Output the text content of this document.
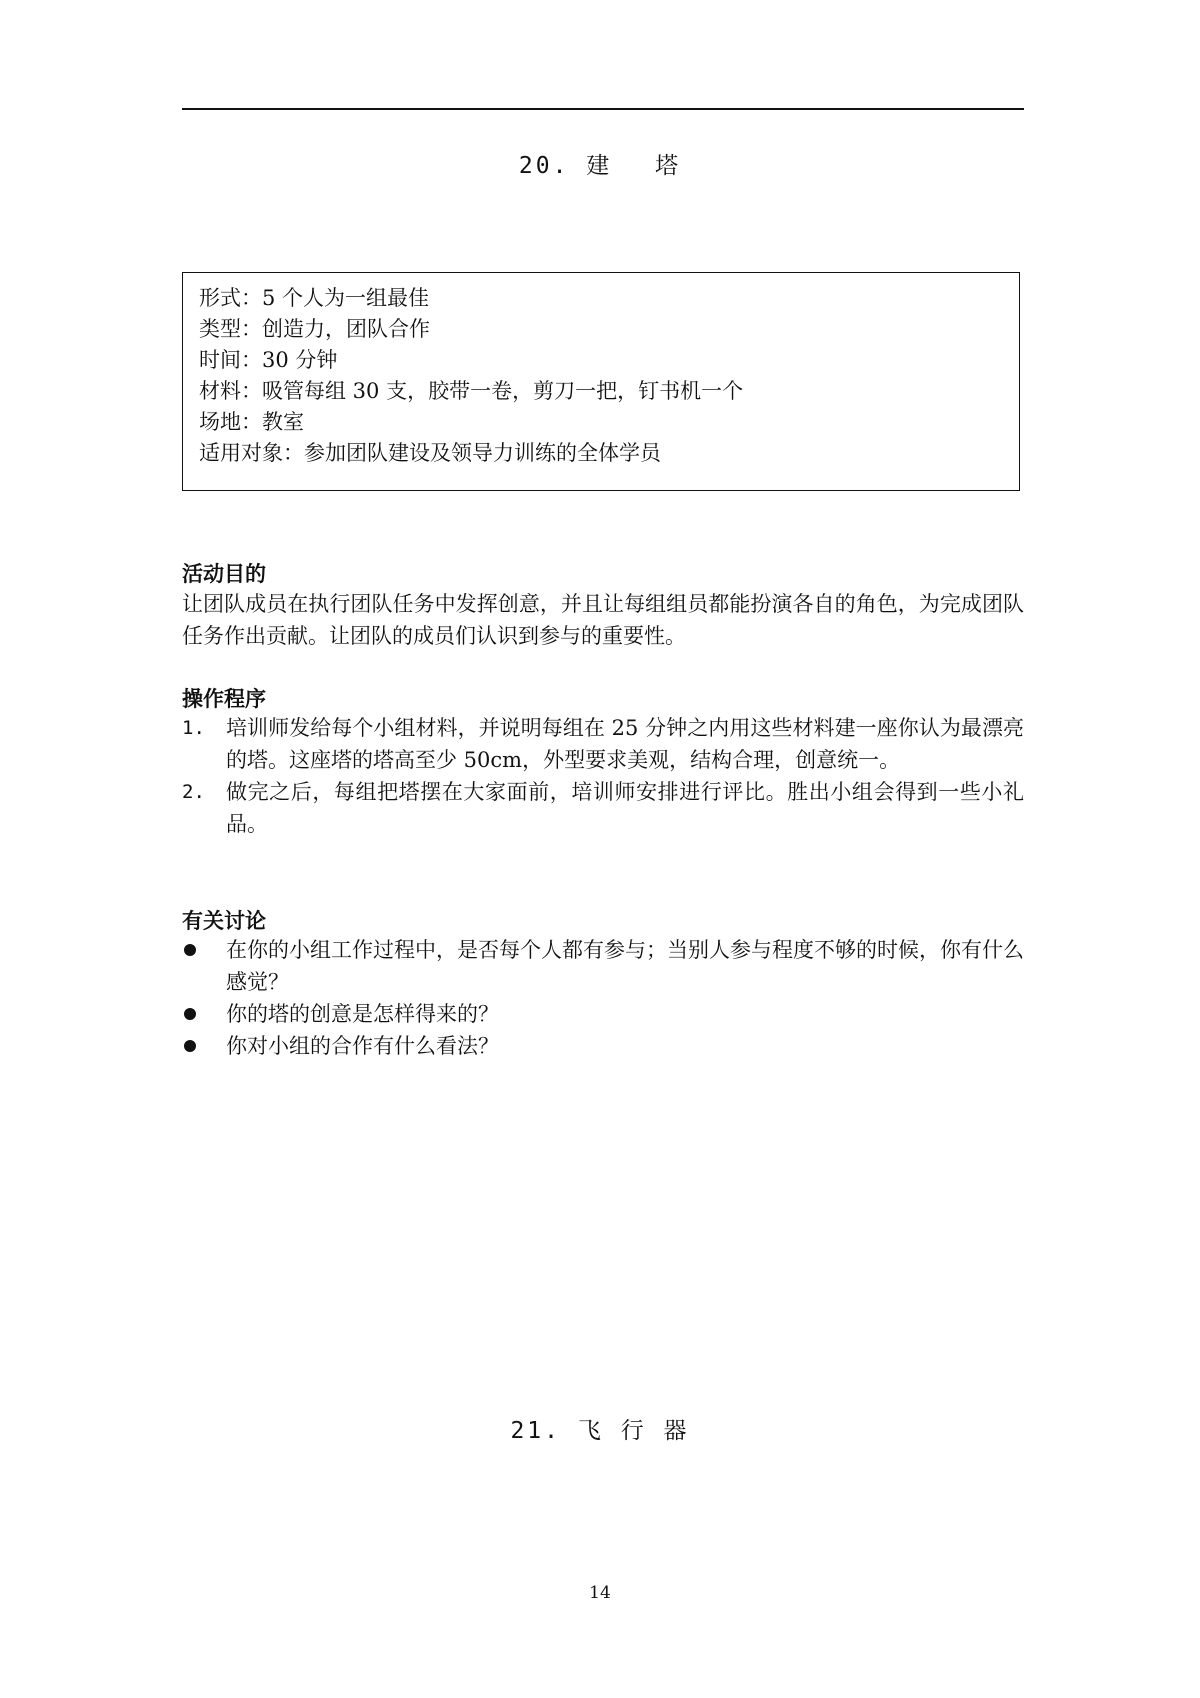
20. 建　 塔
形式：5 个人为一组最佳
类型：创造力，团队合作
时间：30 分钟
材料：吸管每组 30 支，胶带一卷，剪刀一把，钉书机一个
场地：教室
适用对象：参加团队建设及领导力训练的全体学员
活动目的
让团队成员在执行团队任务中发挥创意，并且让每组组员都能扮演各自的角色，为完成团队任务作出贡献。让团队的成员们认识到参与的重要性。
操作程序
1.	培训师发给每个小组材料，并说明每组在 25 分钟之内用这些材料建一座你认为最漂亮的塔。这座塔的塔高至少 50cm，外型要求美观，结构合理，创意统一。
2.	做完之后，每组把塔摆在大家面前，培训师安排进行评比。胜出小组会得到一些小礼品。
有关讨论
在你的小组工作过程中，是否每个人都有参与；当别人参与程度不够的时候，你有什么感觉？
你的塔的创意是怎样得来的？
你对小组的合作有什么看法？
21. 飞 行 器
14
